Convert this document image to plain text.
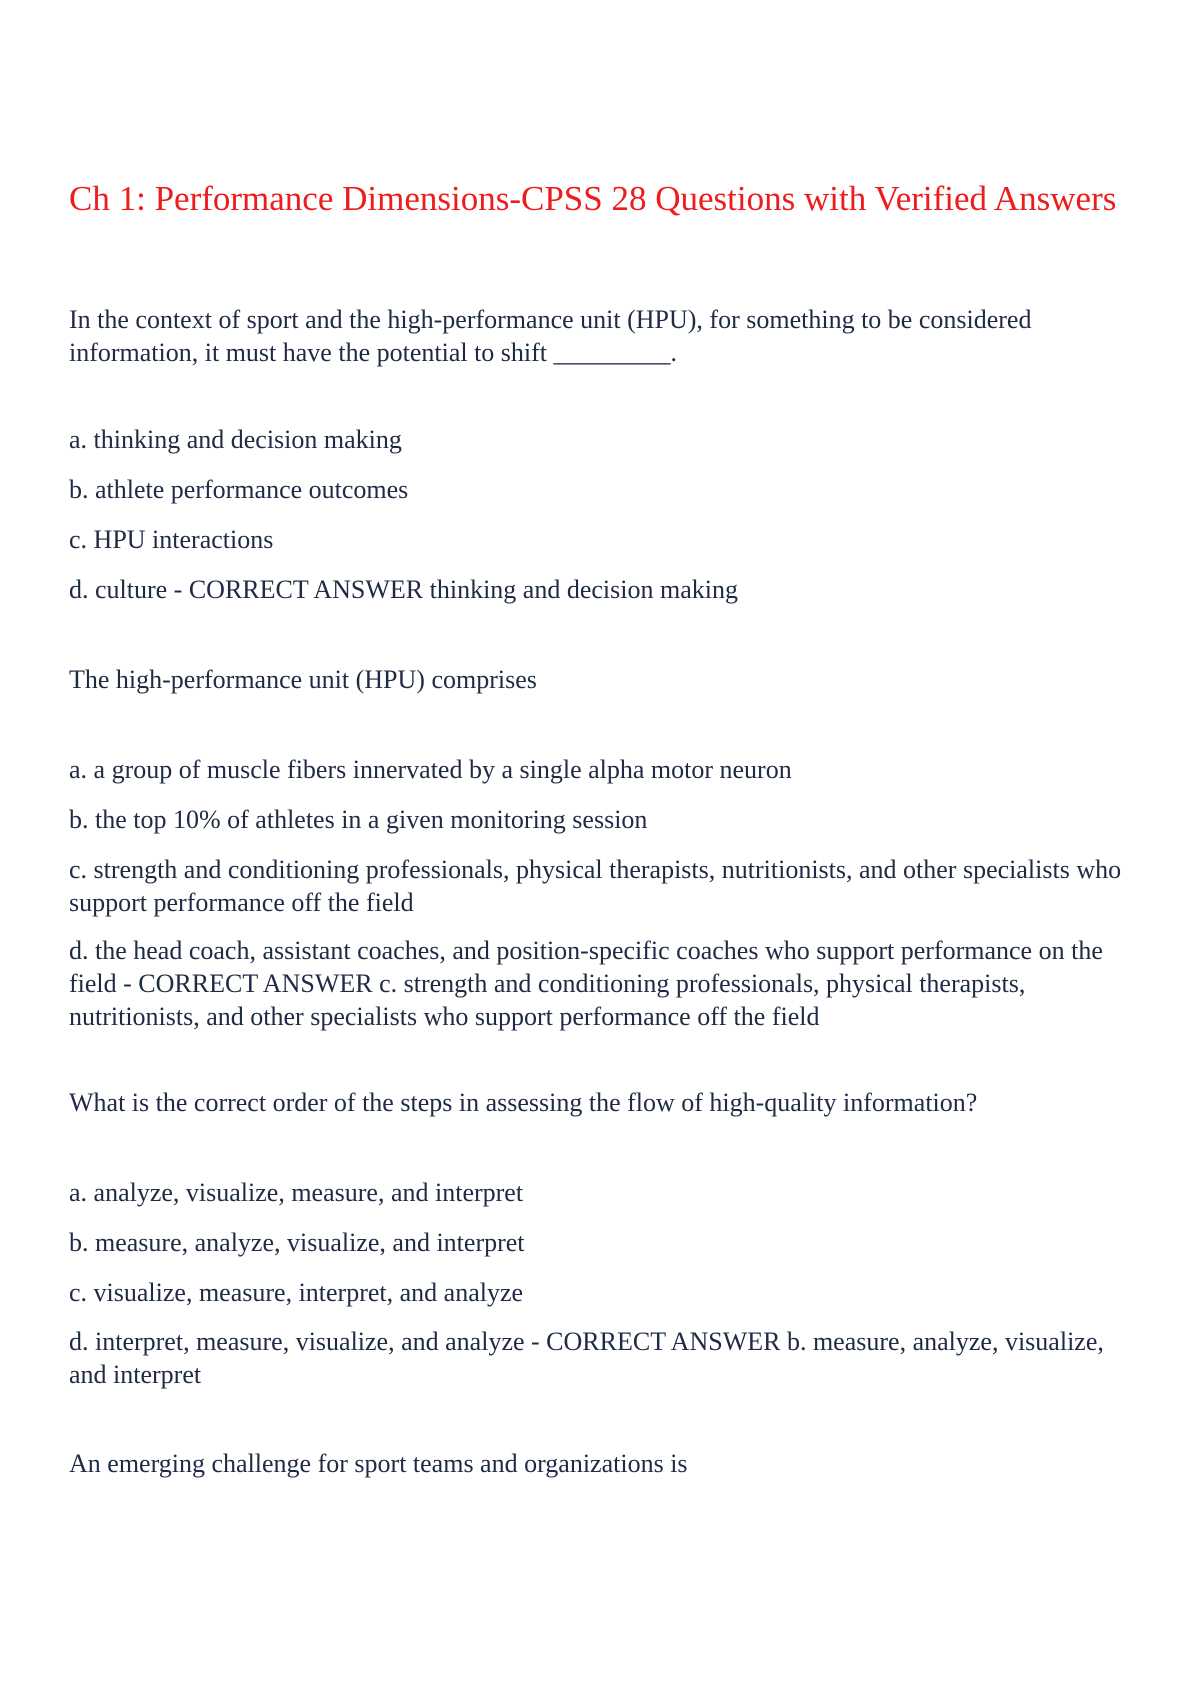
Ch 1: Performance Dimensions-CPSS 28 Questions with Verified Answers

In the context of sport and the high-performance unit (HPU), for something to be considered information, it must have the potential to shift _________.

a. thinking and decision making

b. athlete performance outcomes

c. HPU interactions

d. culture - CORRECT ANSWER thinking and decision making

The high-performance unit (HPU) comprises

a. a group of muscle fibers innervated by a single alpha motor neuron

b. the top 10% of athletes in a given monitoring session

c. strength and conditioning professionals, physical therapists, nutritionists, and other specialists who support performance off the field

d. the head coach, assistant coaches, and position-specific coaches who support performance on the field - CORRECT ANSWER c. strength and conditioning professionals, physical therapists, nutritionists, and other specialists who support performance off the field

What is the correct order of the steps in assessing the flow of high-quality information?

a. analyze, visualize, measure, and interpret

b. measure, analyze, visualize, and interpret

c. visualize, measure, interpret, and analyze

d. interpret, measure, visualize, and analyze - CORRECT ANSWER b. measure, analyze, visualize, and interpret

An emerging challenge for sport teams and organizations is
